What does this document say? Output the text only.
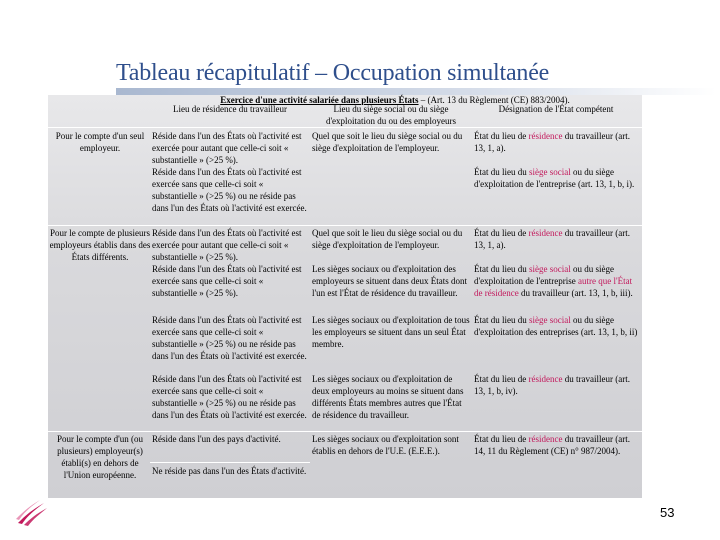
Tableau récapitulatif – Occupation simultanée
Exercice d'une activité salariée dans plusieurs États – (Art. 13 du Règlement (CE) 883/2004).
Lieu de résidence du travailleur	Lieu du siège social ou du siège d'exploitation du ou des employeurs
Désignation de l'État compétent
Pour le compte d'un seul employeur.
Réside dans l'un des États où l'activité est exercée pour autant que celle-ci soit « substantielle » (>25 %).
Quel que soit le lieu du siège social ou du siège d'exploitation de l'employeur.
État du lieu de résidence du travailleur (art. 13, 1, a).
Réside dans l'un des États où l'activité est exercée sans que celle-ci soit « substantielle » (>25 %) ou ne réside pas dans l'un des États où l'activité est exercée.
État du lieu du siège social ou du siège d'exploitation de l'entreprise (art. 13, 1, b, i).
Pour le compte de plusieurs employeurs établis dans des États différents.
Réside dans l'un des États où l'activité est exercée pour autant que celle-ci soit « substantielle » (>25 %).
Quel que soit le lieu du siège social ou du siège d'exploitation de l'employeur.
État du lieu de résidence du travailleur (art. 13, 1, a).
Réside dans l'un des États où l'activité est exercée sans que celle-ci soit « substantielle » (>25 %).
Les sièges sociaux ou d'exploitation des employeurs se situent dans deux États dont l'un est l'État de résidence du travailleur.
État du lieu du siège social ou du siège d'exploitation de l'entreprise autre que l'État de résidence du travailleur (art. 13, 1, b, iii).
Réside dans l'un des États où l'activité est exercée sans que celle-ci soit « substantielle » (>25 %) ou ne réside pas dans l'un des États où l'activité est exercée.
Les sièges sociaux ou d'exploitation de tous les employeurs se situent dans un seul État membre.
État du lieu du siège social ou du siège d'exploitation des entreprises (art. 13, 1, b, ii)
Réside dans l'un des États où l'activité est exercée sans que celle-ci soit « substantielle » (>25 %) ou ne réside pas dans l'un des États où l'activité est exercée.
Les sièges sociaux ou d'exploitation de deux employeurs au moins se situent dans différents États membres autres que l'État de résidence du travailleur.
État du lieu de résidence du travailleur (art. 13, 1, b, iv).
Pour le compte d'un (ou plusieurs) employeur(s) établi(s) en dehors de l'Union européenne.
Réside dans l'un des pays d'activité.
Ne réside pas dans l'un des États d'activité.
Les sièges sociaux ou d'exploitation sont établis en dehors de l'U.E. (E.E.E.).
État du lieu de résidence du travailleur (art. 14, 11 du Règlement (CE) n° 987/2004).
53
